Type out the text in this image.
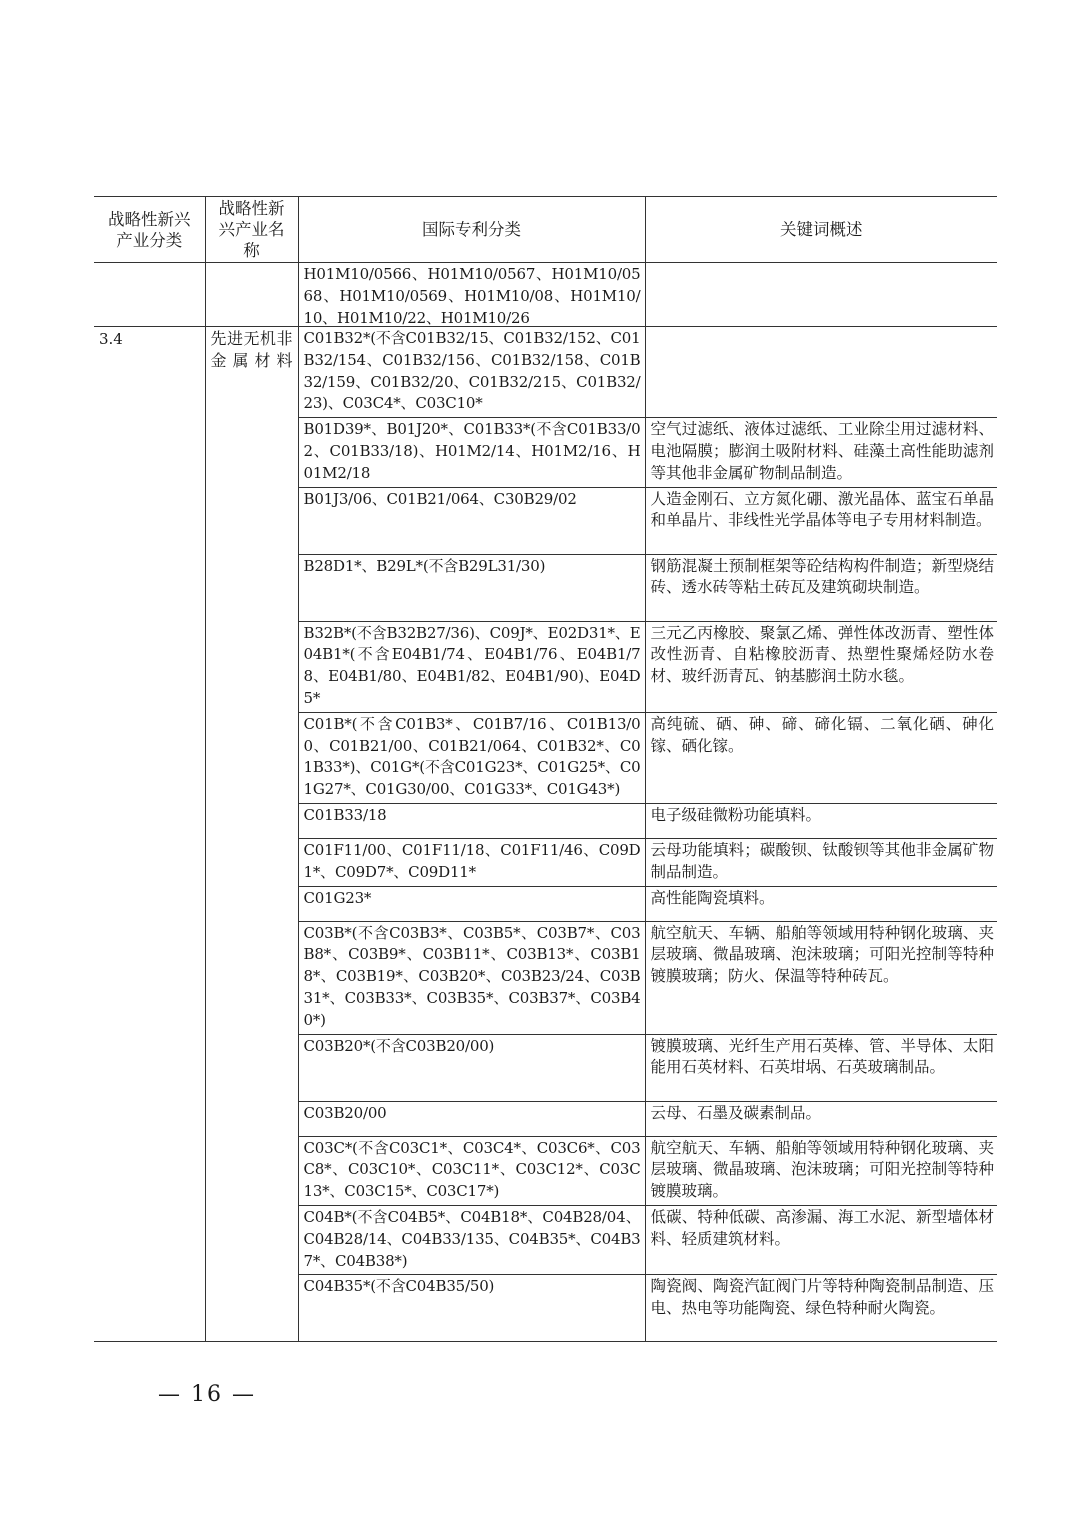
战略性新兴产业分类	战略性新兴产业名称	国际专利分类	关键词概述

		H01M10/0566、H01M10/0567、H01M10/0568、H01M10/0569、H01M10/08、H01M10/10、H01M10/22、H01M10/26	

3.4	先进无机非金属材料	C01B32*(不含C01B32/15、C01B32/152、C01B32/154、C01B32/156、C01B32/158、C01B32/159、C01B32/20、C01B32/215、C01B32/23)、C03C4*、C03C10*	

		B01D39*、B01J20*、C01B33*(不含C01B33/02、C01B33/18)、H01M2/14、H01M2/16、H01M2/18	空气过滤纸、液体过滤纸、工业除尘用过滤材料、电池隔膜；膨润土吸附材料、硅藻土高性能助滤剂等其他非金属矿物制品制造。

		B01J3/06、C01B21/064、C30B29/02	人造金刚石、立方氮化硼、激光晶体、蓝宝石单晶和单晶片、非线性光学晶体等电子专用材料制造。

		B28D1*、B29L*(不含B29L31/30)	钢筋混凝土预制框架等砼结构构件制造；新型烧结砖、透水砖等粘土砖瓦及建筑砌块制造。

		B32B*(不含B32B27/36)、C09J*、E02D31*、E04B1*(不含E04B1/74、E04B1/76、E04B1/78、E04B1/80、E04B1/82、E04B1/90)、E04D5*	三元乙丙橡胶、聚氯乙烯、弹性体改沥青、塑性体改性沥青、自粘橡胶沥青、热塑性聚烯烃防水卷材、玻纤沥青瓦、钠基膨润土防水毯。

		C01B*(不含C01B3*、C01B7/16、C01B13/00、C01B21/00、C01B21/064、C01B32*、C01B33*)、C01G*(不含C01G23*、C01G25*、C01G27*、C01G30/00、C01G33*、C01G43*)	高纯硫、硒、砷、碲、碲化镉、二氧化硒、砷化镓、硒化镓。

		C01B33/18	电子级硅微粉功能填料。

		C01F11/00、C01F11/18、C01F11/46、C09D1*、C09D7*、C09D11*	云母功能填料；碳酸钡、钛酸钡等其他非金属矿物制品制造。

		C01G23*	高性能陶瓷填料。

		C03B*(不含C03B3*、C03B5*、C03B7*、C03B8*、C03B9*、C03B11*、C03B13*、C03B18*、C03B19*、C03B20*、C03B23/24、C03B31*、C03B33*、C03B35*、C03B37*、C03B40*)	航空航天、车辆、船舶等领域用特种钢化玻璃、夹层玻璃、微晶玻璃、泡沫玻璃；可阳光控制等特种镀膜玻璃；防火、保温等特种砖瓦。

		C03B20*(不含C03B20/00)	镀膜玻璃、光纤生产用石英棒、管、半导体、太阳能用石英材料、石英坩埚、石英玻璃制品。

		C03B20/00	云母、石墨及碳素制品。

		C03C*(不含C03C1*、C03C4*、C03C6*、C03C8*、C03C10*、C03C11*、C03C12*、C03C13*、C03C15*、C03C17*)	航空航天、车辆、船舶等领域用特种钢化玻璃、夹层玻璃、微晶玻璃、泡沫玻璃；可阳光控制等特种镀膜玻璃。

		C04B*(不含C04B5*、C04B18*、C04B28/04、C04B28/14、C04B33/135、C04B35*、C04B37*、C04B38*)	低碳、特种低碳、高渗漏、海工水泥、新型墙体材料、轻质建筑材料。

		C04B35*(不含C04B35/50)	陶瓷阀、陶瓷汽缸阀门片等特种陶瓷制品制造、压电、热电等功能陶瓷、绿色特种耐火陶瓷。
— 16 —
